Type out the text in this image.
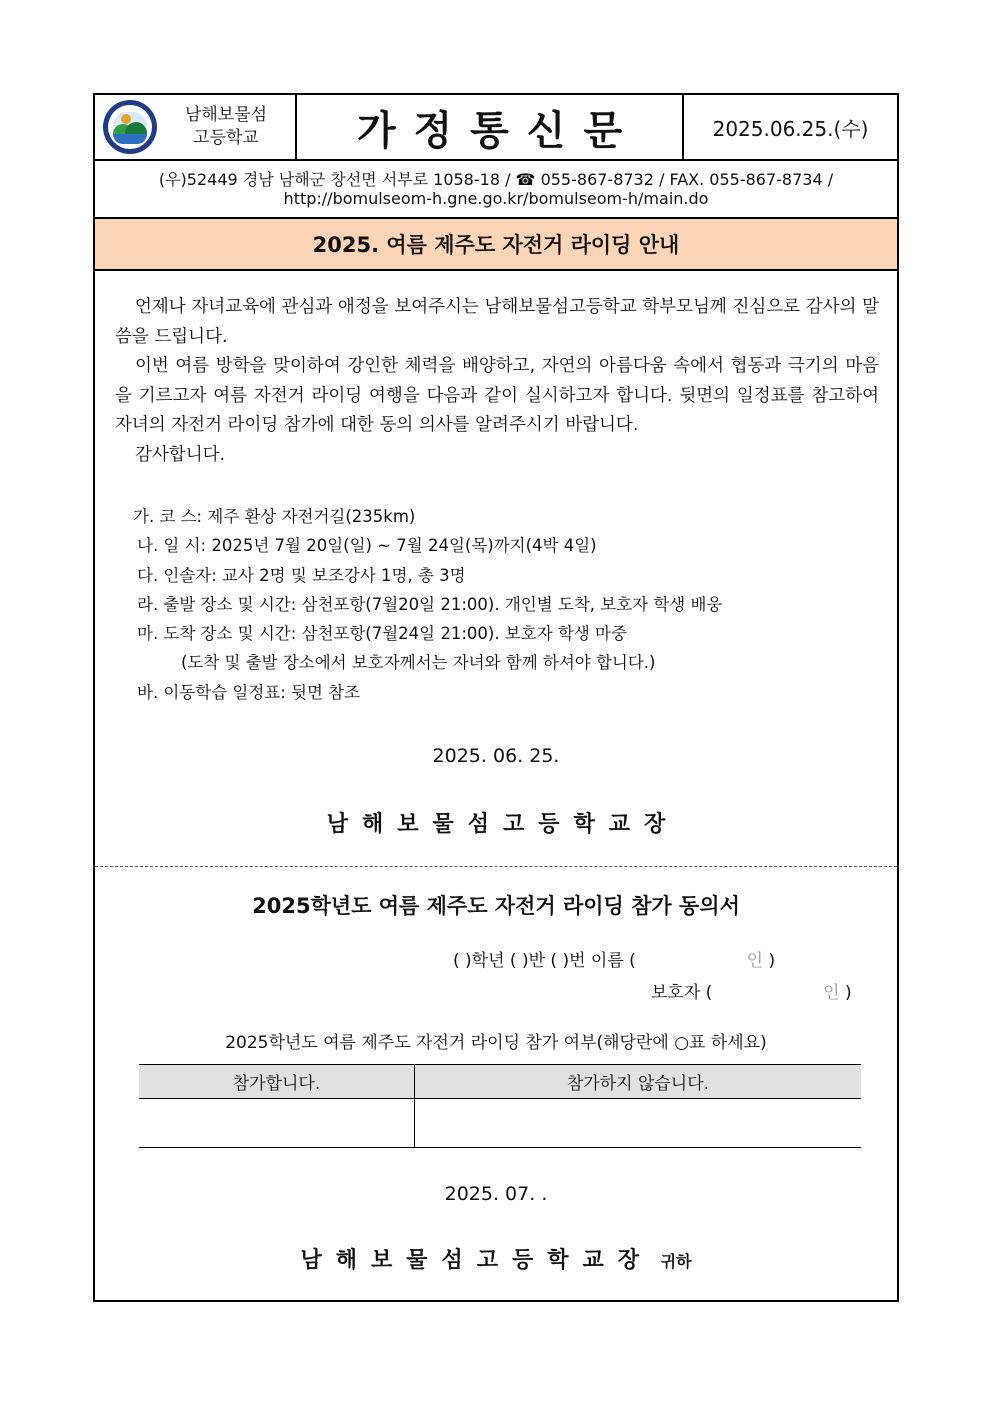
남해보물섬
고등학교	가정통신문	2025.06.25.(수)
(우)52449 경남 남해군 창선면 서부로 1058-18 / ☎ 055-867-8732 / FAX. 055-867-8734 /
http://bomulseom-h.gne.go.kr/bomulseom-h/main.do
2025. 여름 제주도 자전거 라이딩 안내

언제나 자녀교육에 관심과 애정을 보여주시는 남해보물섬고등학교 학부모님께 진심으로 감사의 말씀을 드립니다.

이번 여름 방학을 맞이하여 강인한 체력을 배양하고, 자연의 아름다움 속에서 협동과 극기의 마음을 기르고자 여름 자전거 라이딩 여행을 다음과 같이 실시하고자 합니다. 뒷면의 일정표를 참고하여 자녀의 자전거 라이딩 참가에 대한 동의 의사를 알려주시기 바랍니다.

감사합니다.

가. 코 스: 제주 환상 자전거길(235km)
나. 일 시: 2025년 7월 20일(일) ~ 7월 24일(목)까지(4박 4일)
다. 인솔자: 교사 2명 및 보조강사 1명, 총 3명
라. 출발 장소 및 시간: 삼천포항(7월20일 21:00). 개인별 도착, 보호자 학생 배웅
마. 도착 장소 및 시간: 삼천포항(7월24일 21:00). 보호자 학생 마중
(도착 및 출발 장소에서 보호자께서는 자녀와 함께 하셔야 합니다.)
바. 이동학습 일정표: 뒷면 참조
2025. 06. 25.
남해보물섬고등학교장
2025학년도 여름 제주도 자전거 라이딩 참가 동의서
( )학년 ( )반 ( )번 이름 (	인 )
보호자 (	인 )
2025학년도 여름 제주도 자전거 라이딩 참가 여부(해당란에 ○표 하세요)
참가합니다.	참가하지 않습니다.

2025. 07. .
남해보물섬고등학교장 귀하
